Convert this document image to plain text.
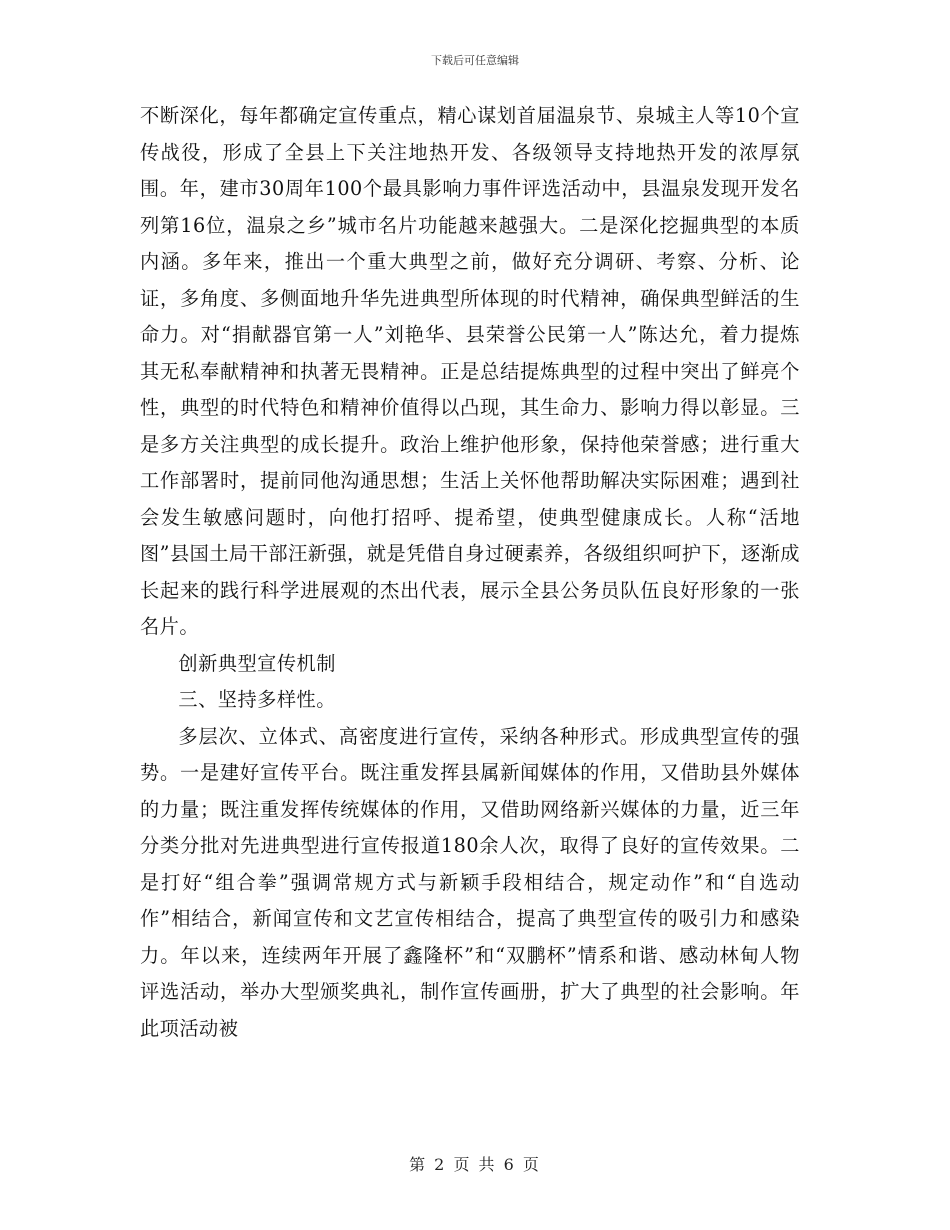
下载后可任意编辑

不断深化，每年都确定宣传重点，精心谋划首届温泉节、泉城主人等10个宣传战役，形成了全县上下关注地热开发、各级领导支持地热开发的浓厚氛围。年，建市30周年100个最具影响力事件评选活动中，县温泉发现开发名列第16位，温泉之乡”城市名片功能越来越强大。二是深化挖掘典型的本质内涵。多年来，推出一个重大典型之前，做好充分调研、考察、分析、论证，多角度、多侧面地升华先进典型所体现的时代精神，确保典型鲜活的生命力。对“捐献器官第一人”刘艳华、县荣誉公民第一人”陈达允，着力提炼其无私奉献精神和执著无畏精神。正是总结提炼典型的过程中突出了鲜亮个性，典型的时代特色和精神价值得以凸现，其生命力、影响力得以彰显。三是多方关注典型的成长提升。政治上维护他形象，保持他荣誉感；进行重大工作部署时，提前同他沟通思想；生活上关怀他帮助解决实际困难；遇到社会发生敏感问题时，向他打招呼、提希望，使典型健康成长。人称“活地图”县国土局干部汪新强，就是凭借自身过硬素养，各级组织呵护下，逐渐成长起来的践行科学进展观的杰出代表，展示全县公务员队伍良好形象的一张名片。

创新典型宣传机制

三、坚持多样性。

多层次、立体式、高密度进行宣传，采纳各种形式。形成典型宣传的强势。一是建好宣传平台。既注重发挥县属新闻媒体的作用，又借助县外媒体的力量；既注重发挥传统媒体的作用，又借助网络新兴媒体的力量，近三年分类分批对先进典型进行宣传报道180余人次，取得了良好的宣传效果。二是打好“组合拳”强调常规方式与新颖手段相结合，规定动作”和“自选动作”相结合，新闻宣传和文艺宣传相结合，提高了典型宣传的吸引力和感染力。年以来，连续两年开展了鑫隆杯”和“双鹏杯”情系和谐、感动林甸人物评选活动，举办大型颁奖典礼，制作宣传画册，扩大了典型的社会影响。年此项活动被

第 2 页 共 6 页
